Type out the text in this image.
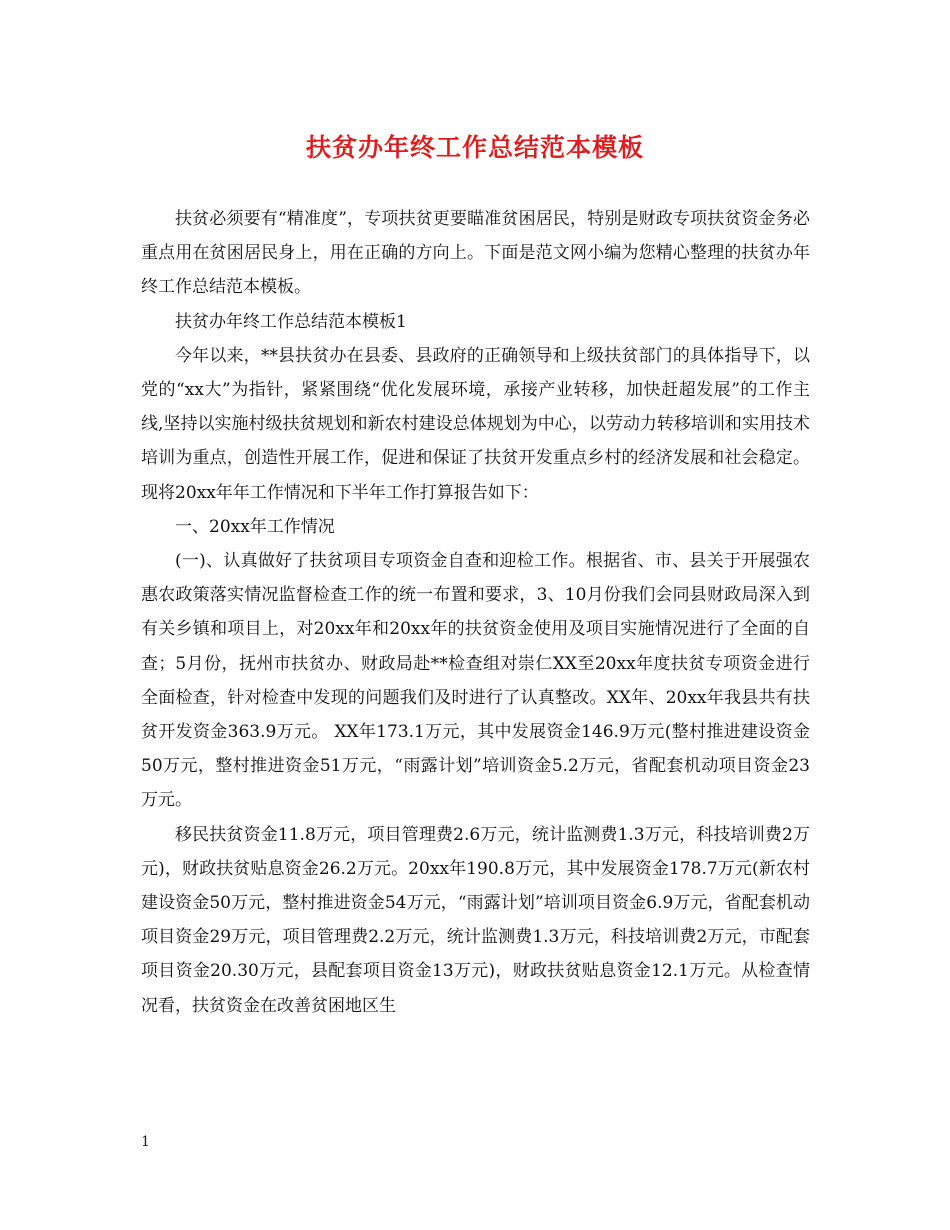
扶贫办年终工作总结范本模板

扶贫必须要有“精准度”，专项扶贫更要瞄准贫困居民，特别是财政专项扶贫资金务必重点用在贫困居民身上，用在正确的方向上。下面是范文网小编为您精心整理的扶贫办年终工作总结范本模板。

扶贫办年终工作总结范本模板1

今年以来，**县扶贫办在县委、县政府的正确领导和上级扶贫部门的具体指导下，以党的“xx大”为指针，紧紧围绕“优化发展环境，承接产业转移，加快赶超发展”的工作主线,坚持以实施村级扶贫规划和新农村建设总体规划为中心，以劳动力转移培训和实用技术培训为重点，创造性开展工作，促进和保证了扶贫开发重点乡村的经济发展和社会稳定。现将20xx年年工作情况和下半年工作打算报告如下：

一、20xx年工作情况

(一)、认真做好了扶贫项目专项资金自查和迎检工作。根据省、市、县关于开展强农惠农政策落实情况监督检查工作的统一布置和要求，3、10月份我们会同县财政局深入到有关乡镇和项目上，对20xx年和20xx年的扶贫资金使用及项目实施情况进行了全面的自查；5月份，抚州市扶贫办、财政局赴**检查组对崇仁XX至20xx年度扶贫专项资金进行全面检查，针对检查中发现的问题我们及时进行了认真整改。XX年、20xx年我县共有扶贫开发资金363.9万元。 XX年173.1万元，其中发展资金146.9万元(整村推进建设资金50万元，整村推进资金51万元，“雨露计划”培训资金5.2万元，省配套机动项目资金23万元。

移民扶贫资金11.8万元，项目管理费2.6万元，统计监测费1.3万元，科技培训费2万元)，财政扶贫贴息资金26.2万元。20xx年190.8万元，其中发展资金178.7万元(新农村建设资金50万元，整村推进资金54万元，“雨露计划”培训项目资金6.9万元，省配套机动项目资金29万元，项目管理费2.2万元，统计监测费1.3万元，科技培训费2万元，市配套项目资金20.30万元，县配套项目资金13万元)，财政扶贫贴息资金12.1万元。从检查情况看，扶贫资金在改善贫困地区生

1
